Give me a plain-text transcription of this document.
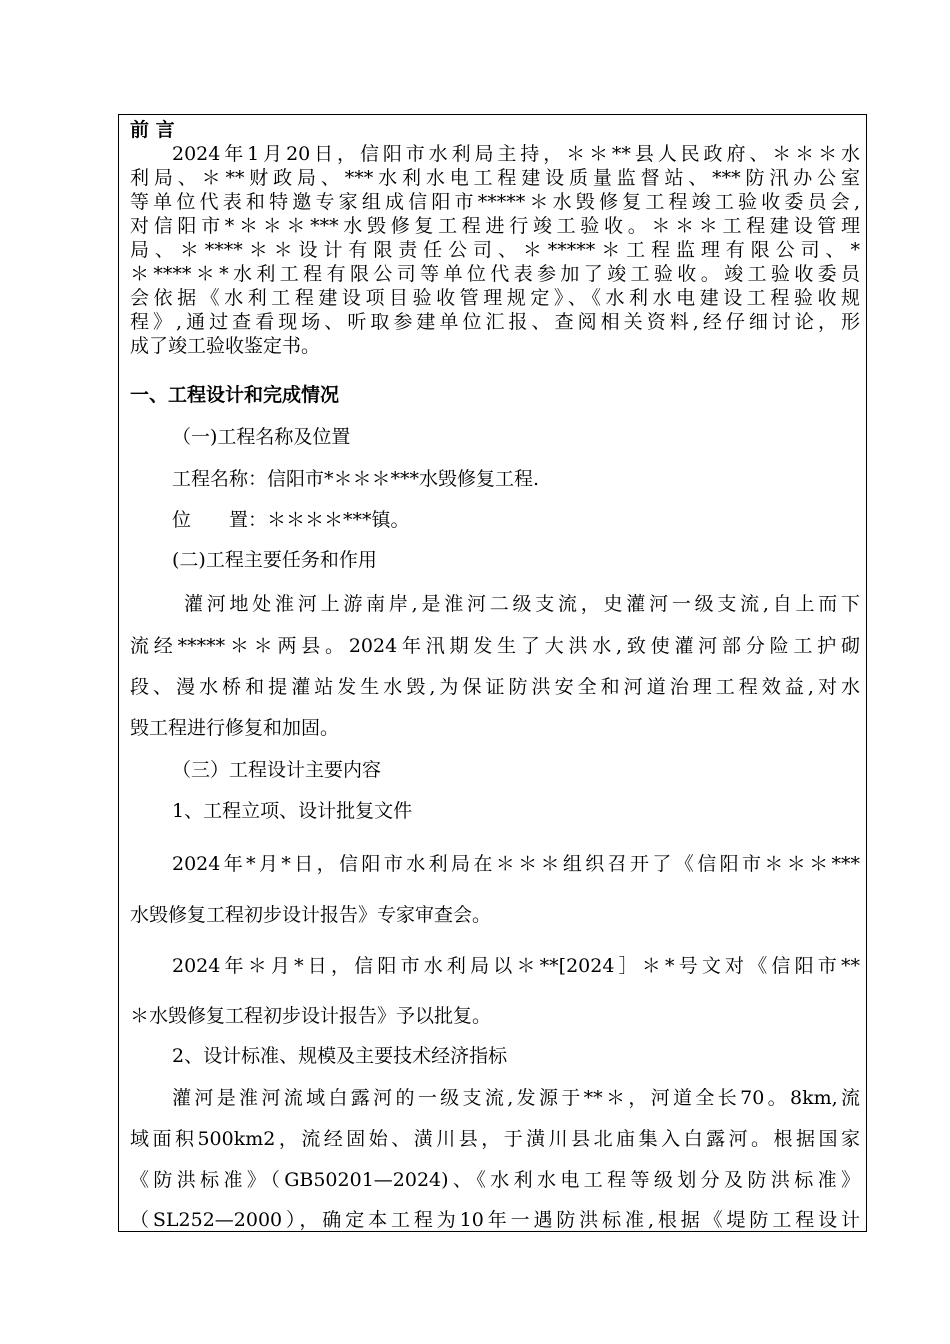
前 言
2024年1月20日，信阳市水利局主持，＊＊**县人民政府、＊＊＊水
利局、＊**财政局、***水利水电工程建设质量监督站、***防汛办公室
等单位代表和特邀专家组成信阳市*****＊水毁修复工程竣工验收委员会,
对信阳市*＊＊＊***水毁修复工程进行竣工验收。＊＊＊工程建设管理
局、＊****＊＊设计有限责任公司、＊*****＊工程监理有限公司、*
＊****＊*水利工程有限公司等单位代表参加了竣工验收。竣工验收委员
会依据《水利工程建设项目验收管理规定》、《水利水电建设工程验收规
程》,通过查看现场、听取参建单位汇报、查阅相关资料,经仔细讨论，形
成了竣工验收鉴定书。
一、工程设计和完成情况
（一)工程名称及位置
工程名称：信阳市*＊＊＊***水毁修复工程.
位　　置：＊＊＊＊***镇。
(二)工程主要任务和作用
灌河地处淮河上游南岸,是淮河二级支流，史灌河一级支流,自上而下
流经*****＊＊两县。2024年汛期发生了大洪水,致使灌河部分险工护砌
段、漫水桥和提灌站发生水毁,为保证防洪安全和河道治理工程效益,对水
毁工程进行修复和加固。
（三）工程设计主要内容
1、工程立项、设计批复文件
2024年*月*日，信阳市水利局在＊＊＊组织召开了《信阳市＊＊＊***
水毁修复工程初步设计报告》专家审查会。
2024年＊月*日，信阳市水利局以＊**[2024］＊*号文对《信阳市**
＊水毁修复工程初步设计报告》予以批复。
2、设计标准、规模及主要技术经济指标
灌河是淮河流域白露河的一级支流,发源于**＊，河道全长70。8km,流
域面积500km2，流经固始、潢川县，于潢川县北庙集入白露河。根据国家
《防洪标准》（GB50201—2024)、《水利水电工程等级划分及防洪标准》
（SL252—2000），确定本工程为10年一遇防洪标准,根据《堤防工程设计
